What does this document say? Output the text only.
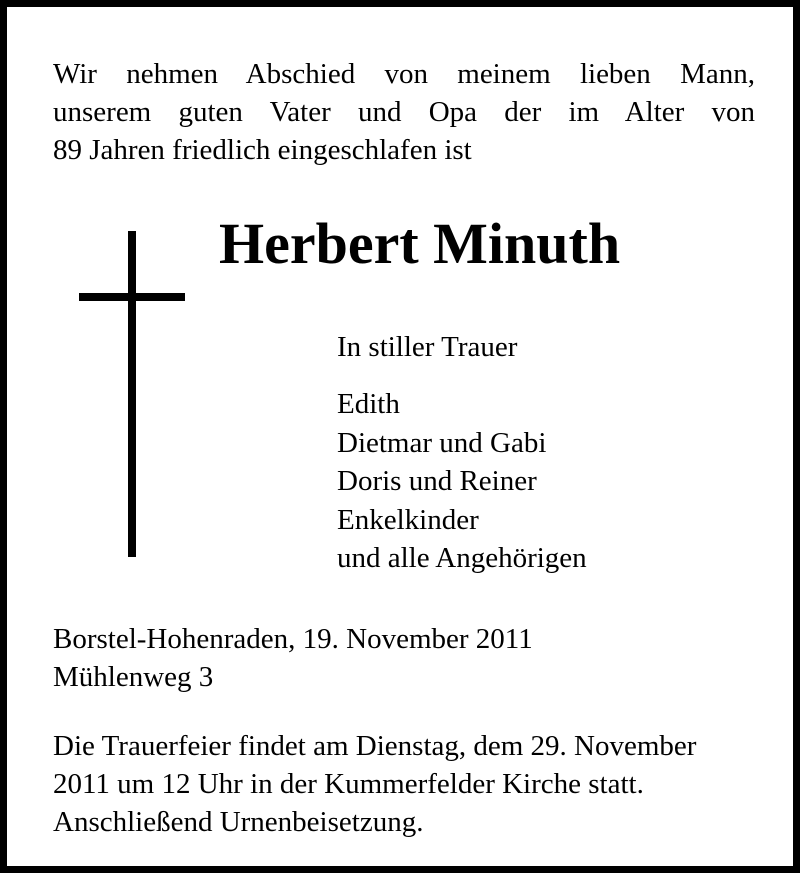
Wir nehmen Abschied von meinem lieben Mann,
unserem guten Vater und Opa der im Alter von
89 Jahren friedlich eingeschlafen ist
Herbert Minuth
In stiller Trauer
Edith
Dietmar und Gabi
Doris und Reiner
Enkelkinder
und alle Angehörigen
Borstel-Hohenraden, 19. November 2011
Mühlenweg 3
Die Trauerfeier findet am Dienstag, dem 29. November
2011 um 12 Uhr in der Kummerfelder Kirche statt.
Anschließend Urnenbeisetzung.
